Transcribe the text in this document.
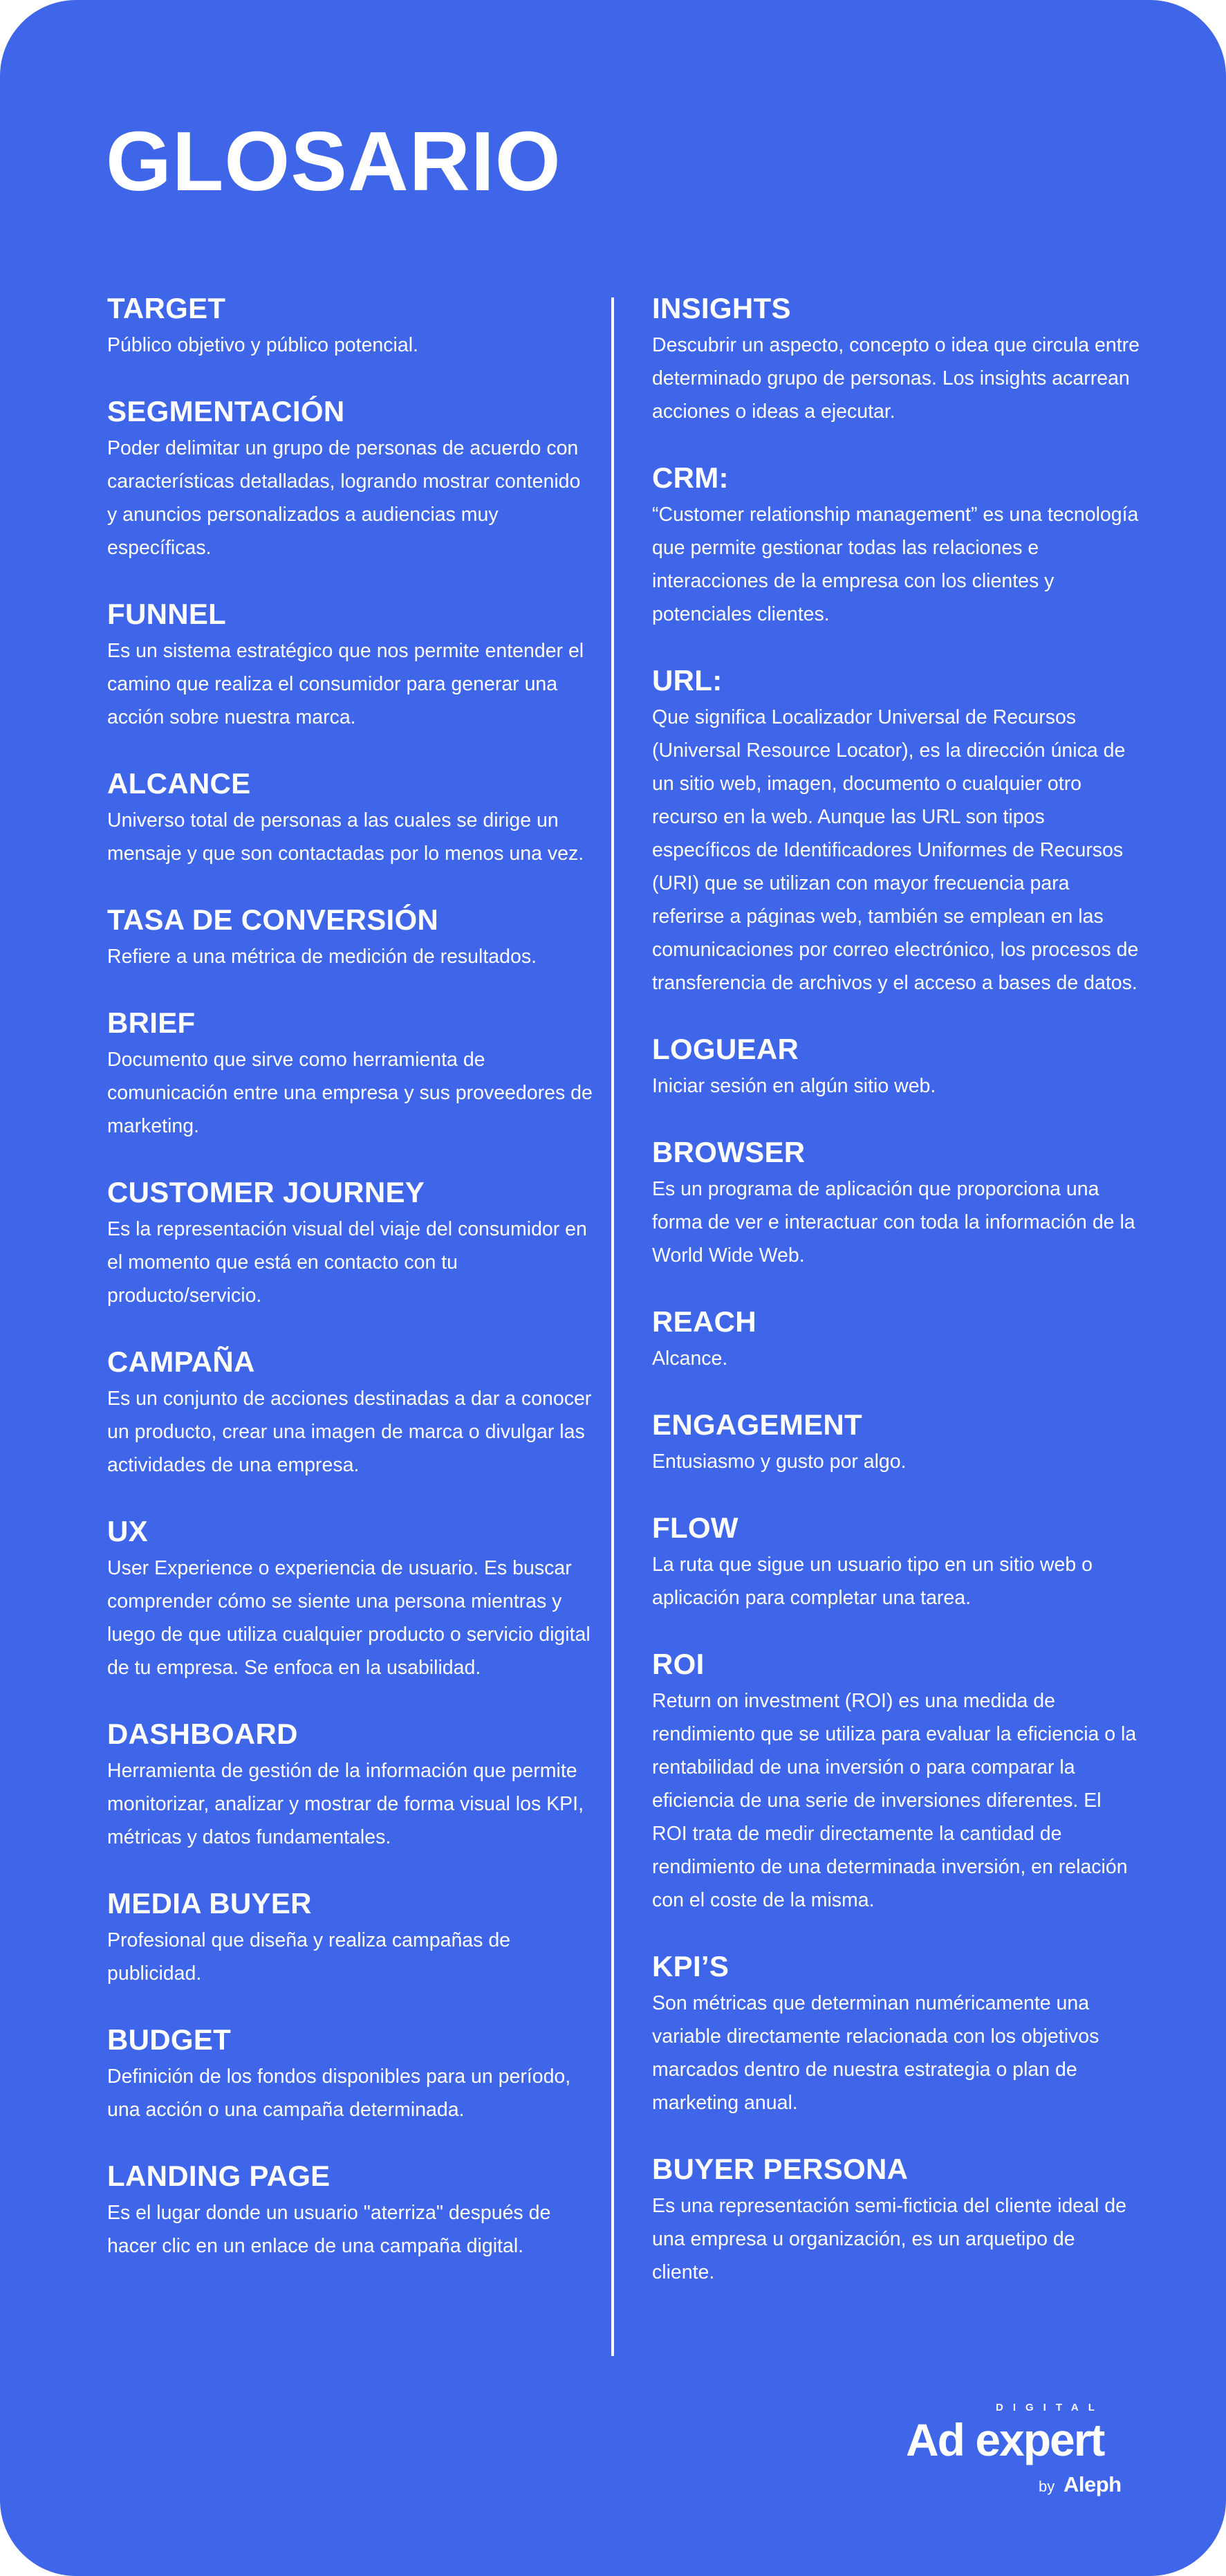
GLOSARIO
TARGET

Público objetivo y público potencial.

SEGMENTACIÓN

Poder delimitar un grupo de personas de acuerdo con características detalladas, logrando mostrar contenido y anuncios personalizados a audiencias muy específicas.

FUNNEL

Es un sistema estratégico que nos permite entender el camino que realiza el consumidor para generar una acción sobre nuestra marca.

ALCANCE

Universo total de personas a las cuales se dirige un mensaje y que son contactadas por lo menos una vez.

TASA DE CONVERSIÓN

Refiere a una métrica de medición de resultados.

BRIEF

Documento que sirve como herramienta de comunicación entre una empresa y sus proveedores de marketing.

CUSTOMER JOURNEY

Es la representación visual del viaje del consumidor en el momento que está en contacto con tu producto/servicio.

CAMPAÑA

Es un conjunto de acciones destinadas a dar a conocer un producto, crear una imagen de marca o divulgar las actividades de una empresa.

UX

User Experience o experiencia de usuario. Es buscar comprender cómo se siente una persona mientras y luego de que utiliza cualquier producto o servicio digital de tu empresa. Se enfoca en la usabilidad.

DASHBOARD

Herramienta de gestión de la información que permite monitorizar, analizar y mostrar de forma visual los KPI, métricas y datos fundamentales.

MEDIA BUYER

Profesional que diseña y realiza campañas de publicidad.

BUDGET

Definición de los fondos disponibles para un período, una acción o una campaña determinada.

LANDING PAGE

Es el lugar donde un usuario "aterriza" después de hacer clic en un enlace de una campaña digital.

INSIGHTS

Descubrir un aspecto, concepto o idea que circula entre determinado grupo de personas. Los insights acarrean acciones o ideas a ejecutar.

CRM:

“Customer relationship management” es una tecnología que permite gestionar todas las relaciones e interacciones de la empresa con los clientes y potenciales clientes.

URL:

Que significa Localizador Universal de Recursos (Universal Resource Locator), es la dirección única de un sitio web, imagen, documento o cualquier otro recurso en la web. Aunque las URL son tipos específicos de Identificadores Uniformes de Recursos (URI) que se utilizan con mayor frecuencia para referirse a páginas web, también se emplean en las comunicaciones por correo electrónico, los procesos de transferencia de archivos y el acceso a bases de datos.

LOGUEAR

Iniciar sesión en algún sitio web.

BROWSER

Es un programa de aplicación que proporciona una forma de ver e interactuar con toda la información de la World Wide Web.

REACH

Alcance.

ENGAGEMENT

Entusiasmo y gusto por algo.

FLOW

La ruta que sigue un usuario tipo en un sitio web o aplicación para completar una tarea.

ROI

Return on investment (ROI) es una medida de rendimiento que se utiliza para evaluar la eficiencia o la rentabilidad de una inversión o para comparar la eficiencia de una serie de inversiones diferentes. El ROI trata de medir directamente la cantidad de rendimiento de una determinada inversión, en relación con el coste de la misma.

KPI’S

Son métricas que determinan numéricamente una variable directamente relacionada con los objetivos marcados dentro de nuestra estrategia o plan de marketing anual.

BUYER PERSONA

Es una representación semi-ficticia del cliente ideal de una empresa u organización, es un arquetipo de cliente.

DIGITAL
Ad expert
by Aleph
